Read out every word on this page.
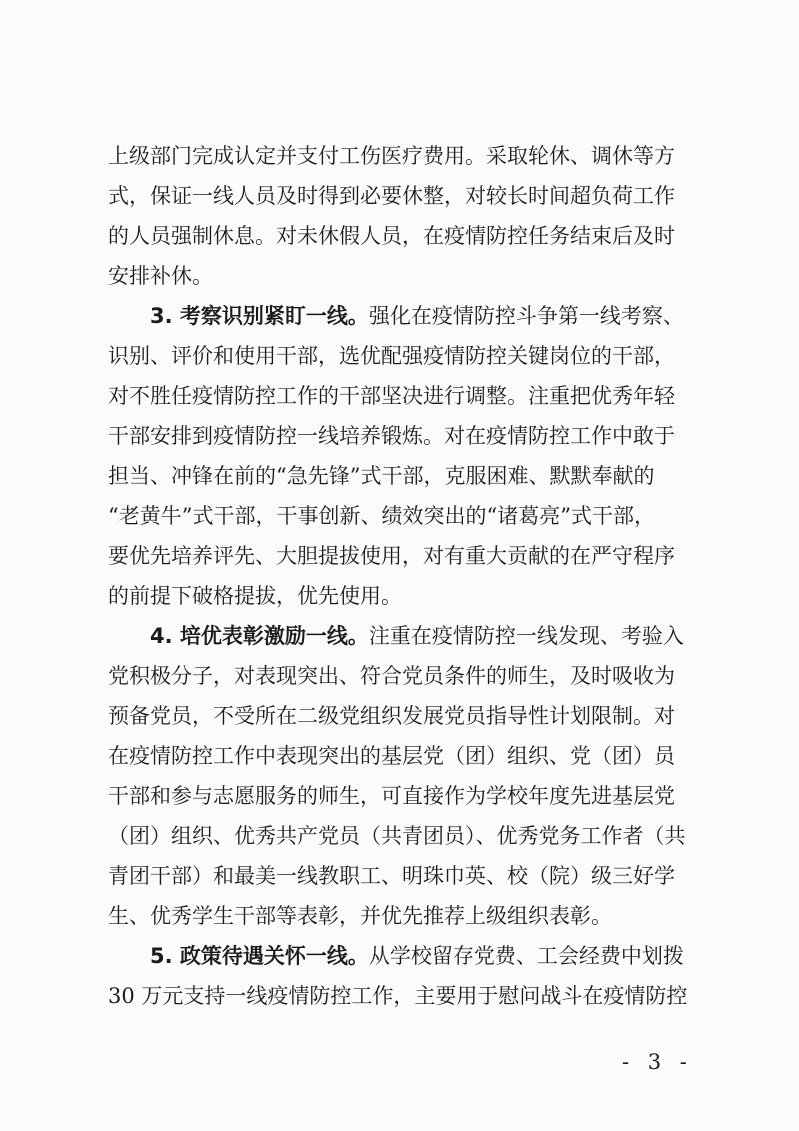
上级部门完成认定并支付工伤医疗费用。采取轮休、调休等方
式，保证一线人员及时得到必要休整，对较长时间超负荷工作
的人员强制休息。对未休假人员，在疫情防控任务结束后及时
安排补休。
3. 考察识别紧盯一线。强化在疫情防控斗争第一线考察、
识别、评价和使用干部，选优配强疫情防控关键岗位的干部，
对不胜任疫情防控工作的干部坚决进行调整。注重把优秀年轻
干部安排到疫情防控一线培养锻炼。对在疫情防控工作中敢于
担当、冲锋在前的“急先锋”式干部，克服困难、默默奉献的
“老黄牛”式干部，干事创新、绩效突出的“诸葛亮”式干部，
要优先培养评先、大胆提拔使用，对有重大贡献的在严守程序
的前提下破格提拔，优先使用。
4. 培优表彰激励一线。注重在疫情防控一线发现、考验入
党积极分子，对表现突出、符合党员条件的师生，及时吸收为
预备党员，不受所在二级党组织发展党员指导性计划限制。对
在疫情防控工作中表现突出的基层党（团）组织、党（团）员
干部和参与志愿服务的师生，可直接作为学校年度先进基层党
（团）组织、优秀共产党员（共青团员）、优秀党务工作者（共
青团干部）和最美一线教职工、明珠巾英、校（院）级三好学
生、优秀学生干部等表彰，并优先推荐上级组织表彰。
5. 政策待遇关怀一线。从学校留存党费、工会经费中划拨
30 万元支持一线疫情防控工作，主要用于慰问战斗在疫情防控
- 3 -
